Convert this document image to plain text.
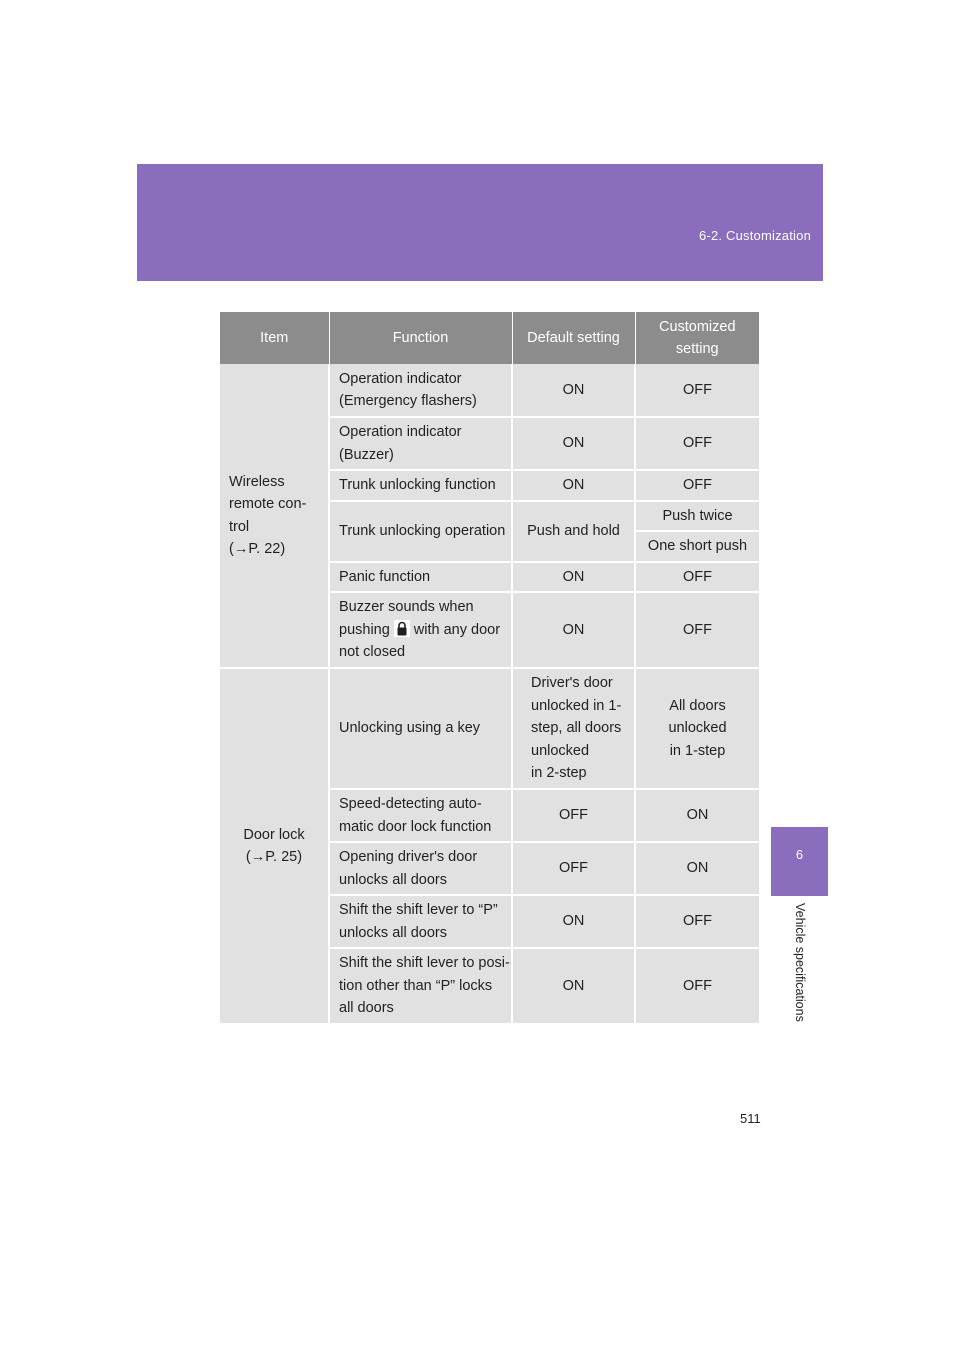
6-2. Customization
6
Vehicle specifications
Item	Function	Default setting	Customized
setting
Wireless
remote con-
trol
(→P. 22)	Operation indicator
(Emergency flashers)	ON	OFF
	Operation indicator
(Buzzer)	ON	OFF
	Trunk unlocking function	ON	OFF
	Trunk unlocking operation	Push and hold	Push twice
			One short push
	Panic function	ON	OFF
	Buzzer sounds when
pushing with any door
not closed	ON	OFF
Door lock
(→P. 25)	Unlocking using a key	Driver's door
unlocked in 1-
step, all doors
unlocked
in 2-step	All doors
unlocked
in 1-step
	Speed-detecting auto-
matic door lock function	OFF	ON
	Opening driver's door
unlocks all doors	OFF	ON
	Shift the shift lever to “P”
unlocks all doors	ON	OFF
	Shift the shift lever to posi-
tion other than “P” locks
all doors	ON	OFF
511
